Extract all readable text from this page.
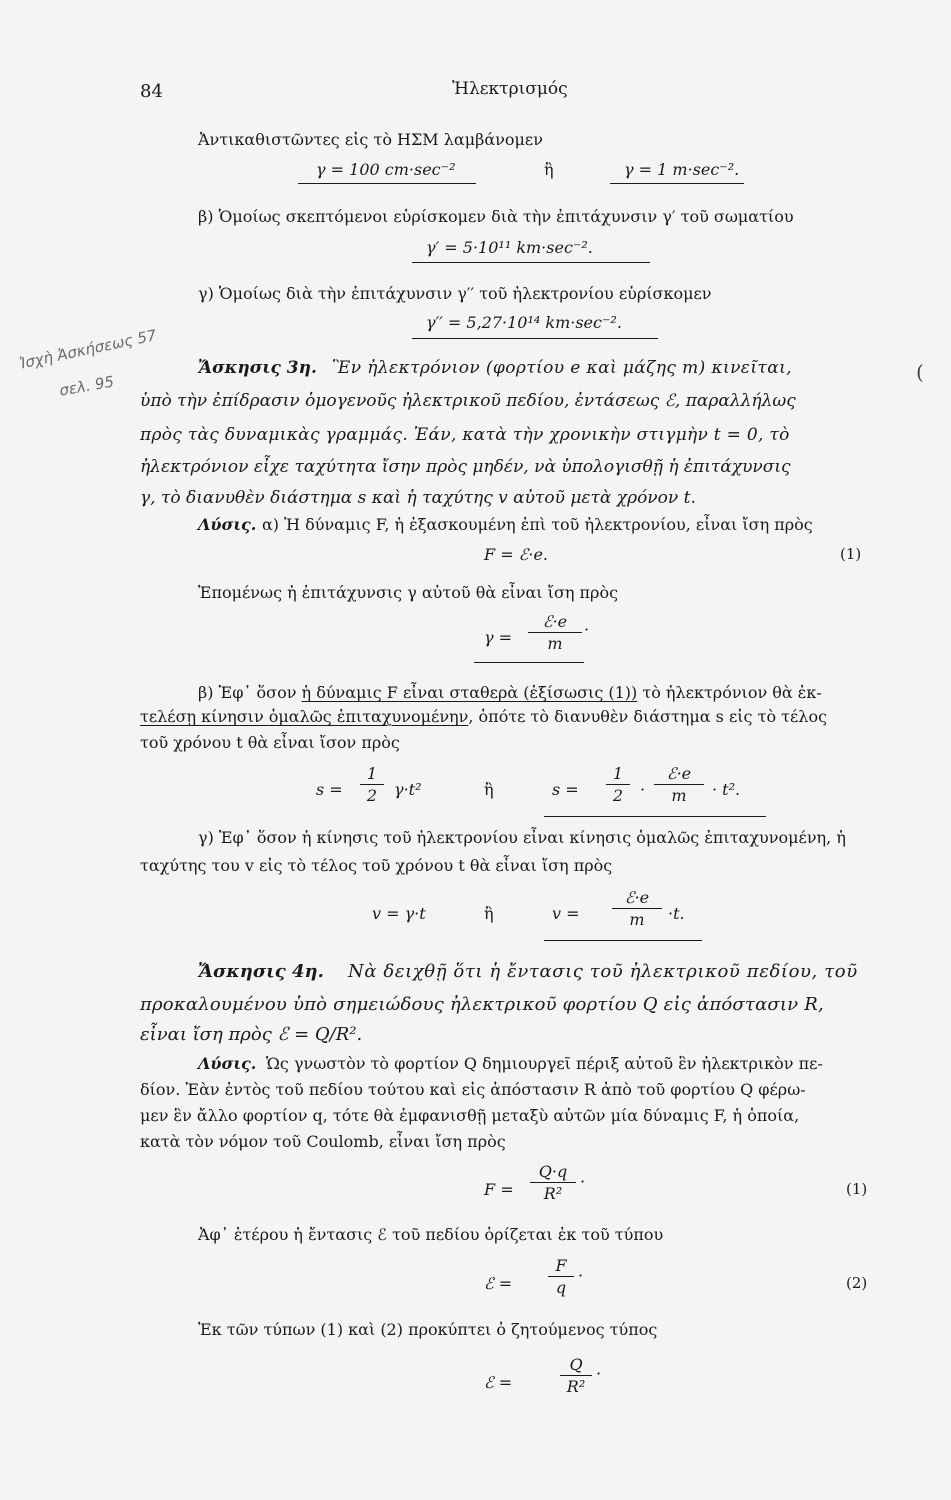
84	Ἠλεκτρισμός
Ἀντικαθιστῶντες εἰς τὸ ΗΣΜ λαμβάνομεν
γ = 100 cm·sec⁻²	ἢ	γ = 1 m·sec⁻².
β) Ὁμοίως σκεπτόμενοι εὑρίσκομεν διὰ τὴν ἐπιτάχυνσιν γ′ τοῦ σωματίου
γ′ = 5·10¹¹ km·sec⁻².
γ) Ὁμοίως διὰ τὴν ἐπιτάχυνσιν γ′′ τοῦ ἠλεκτρονίου εὑρίσκομεν
γ′′ = 5,27·10¹⁴ km·sec⁻².
Ἰσχὴ Ἀσκήσεως 57
σελ. 95
Ἄσκησις 3η. Ἓν ἠλεκτρόνιον (φορτίου e καὶ μάζης m) κινεῖται,	(
ὑπὸ τὴν ἐπίδρασιν ὁμογενοῦς ἠλεκτρικοῦ πεδίου, ἐντάσεως ℰ, παραλλήλως
πρὸς τὰς δυναμικὰς γραμμάς. Ἐάν, κατὰ τὴν χρονικὴν στιγμὴν t = 0, τὸ
ἠλεκτρόνιον εἶχε ταχύτητα ἴσην πρὸς μηδέν, νὰ ὑπολογισθῇ ἡ ἐπιτάχυνσις
γ, τὸ διανυθὲν διάστημα s καὶ ἡ ταχύτης v αὐτοῦ μετὰ χρόνον t.
Λύσις. α) Ἡ δύναμις F, ἡ ἐξασκουμένη ἐπὶ τοῦ ἠλεκτρονίου, εἶναι ἴση πρὸς
F = ℰ·e.	(1)
Ἑπομένως ἡ ἐπιτάχυνσις γ αὐτοῦ θὰ εἶναι ἴση πρὸς
γ =
ℰ·e
m
·
β) Ἐφ᾽ ὅσον ἡ δύναμις F εἶναι σταθερὰ (ἐξίσωσις (1)) τὸ ἠλεκτρόνιον θὰ ἐκ-
τελέσῃ κίνησιν ὁμαλῶς ἐπιταχυνομένην, ὁπότε τὸ διανυθὲν διάστημα s εἰς τὸ τέλος
τοῦ χρόνου t θὰ εἶναι ἴσον πρὸς
$s = \frac{1}{2} \gamma\cdot t^2$	ἢ	$s = \frac{1}{2}$ ·
ℰ·e
m	· t².
γ) Ἐφ᾽ ὅσον ἡ κίνησις τοῦ ἠλεκτρονίου εἶναι κίνησις ὁμαλῶς ἐπιταχυνομένη, ἡ
ταχύτης του v εἰς τὸ τέλος τοῦ χρόνου t θὰ εἶναι ἴση πρὸς
v = γ·t	ἢ	v =
ℰ·e
m	·t.
Ἄσκησις 4η. Νὰ δειχθῇ ὅτι ἡ ἔντασις τοῦ ἠλεκτρικοῦ πεδίου, τοῦ
προκαλουμένου ὑπὸ σημειώδους ἠλεκτρικοῦ φορτίου Q εἰς ἀπόστασιν R,
εἶναι ἴση πρὸς ℰ = Q/R².
Λύσις. Ὡς γνωστὸν τὸ φορτίον Q δημιουργεῖ πέριξ αὐτοῦ ἓν ἠλεκτρικὸν πε-
δίον. Ἐὰν ἐντὸς τοῦ πεδίου τούτου καὶ εἰς ἀπόστασιν R ἀπὸ τοῦ φορτίου Q φέρω-
μεν ἓν ἄλλο φορτίον q, τότε θὰ ἐμφανισθῇ μεταξὺ αὐτῶν μία δύναμις F, ἡ ὁποία,
κατὰ τὸν νόμον τοῦ Coulomb, εἶναι ἴση πρὸς
$F = \frac{Q\cdot q}{\text{R²}}$ ·	(1)
Ἀφ᾽ ἑτέρου ἡ ἔντασις ℰ τοῦ πεδίου ὁρίζεται ἐκ τοῦ τύπου
ℰ = $\frac{F}{q}$ ·	(2)
Ἐκ τῶν τύπων (1) καὶ (2) προκύπτει ὁ ζητούμενος τύπος
ℰ =	$\frac{Q}{\text{R²}}$ ·
